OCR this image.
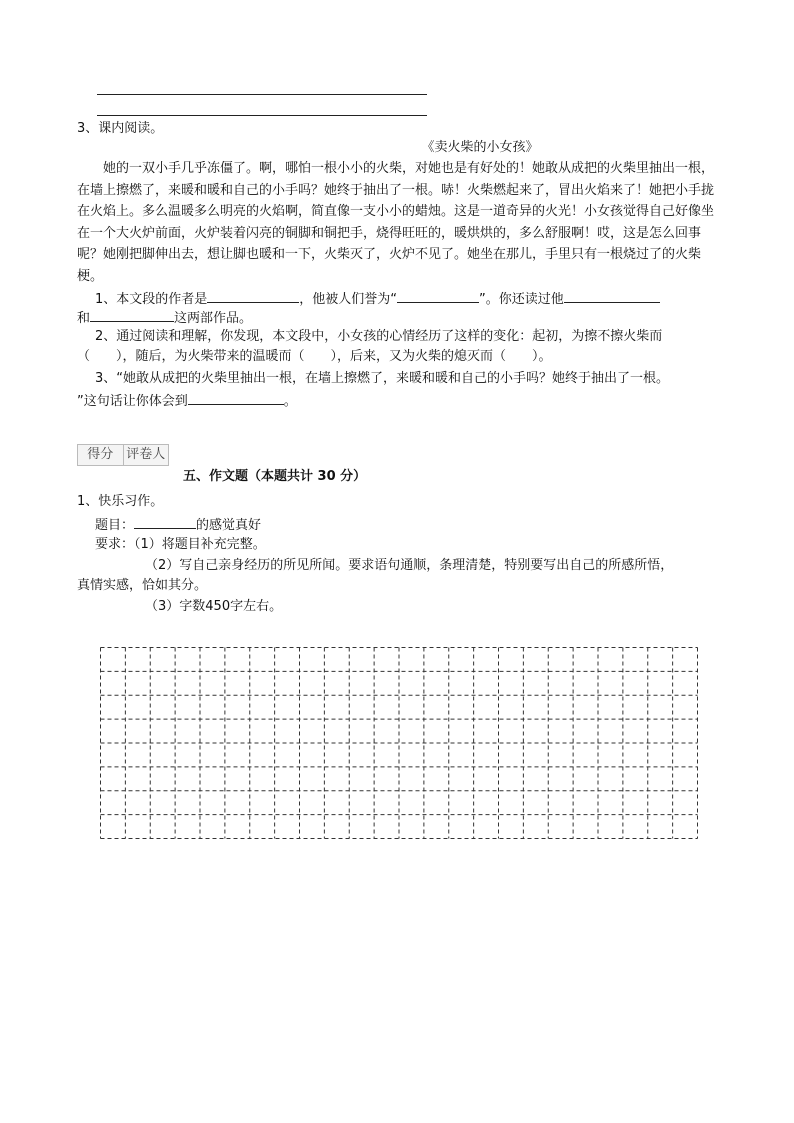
3、课内阅读。
《卖火柴的小女孩》
她的一双小手几乎冻僵了。啊，哪怕一根小小的火柴，对她也是有好处的！她敢从成把的火柴里抽出一根，在墙上擦燃了，来暖和暖和自己的小手吗？她终于抽出了一根。哧！火柴燃起来了，冒出火焰来了！她把小手拢在火焰上。多么温暖多么明亮的火焰啊，简直像一支小小的蜡烛。这是一道奇异的火光！小女孩觉得自己好像坐在一个大火炉前面，火炉装着闪亮的铜脚和铜把手，烧得旺旺的，暖烘烘的，多么舒服啊！哎，这是怎么回事呢？她刚把脚伸出去，想让脚也暖和一下，火柴灭了，火炉不见了。她坐在那儿，手里只有一根烧过了的火柴梗。
1、本文段的作者是	，他被人们誉为“	”。你还读过他
和	这两部作品。
2、通过阅读和理解，你发现，本文段中，小女孩的心情经历了这样的变化：起初，为擦不擦火柴而
（　　），随后，为火柴带来的温暖而（　　），后来，又为火柴的熄灭而（　　）。
3、“她敢从成把的火柴里抽出一根，在墙上擦燃了，来暖和暖和自己的小手吗？她终于抽出了一根。
”这句话让你体会到	。
得分 评卷人
五、作文题（本题共计 30 分）
1、快乐习作。
题目：	的感觉真好
要求：（1）将题目补充完整。
（2）写自己亲身经历的所见所闻。要求语句通顺，条理清楚，特别要写出自己的所感所悟，
真情实感，恰如其分。
（3）字数450字左右。
